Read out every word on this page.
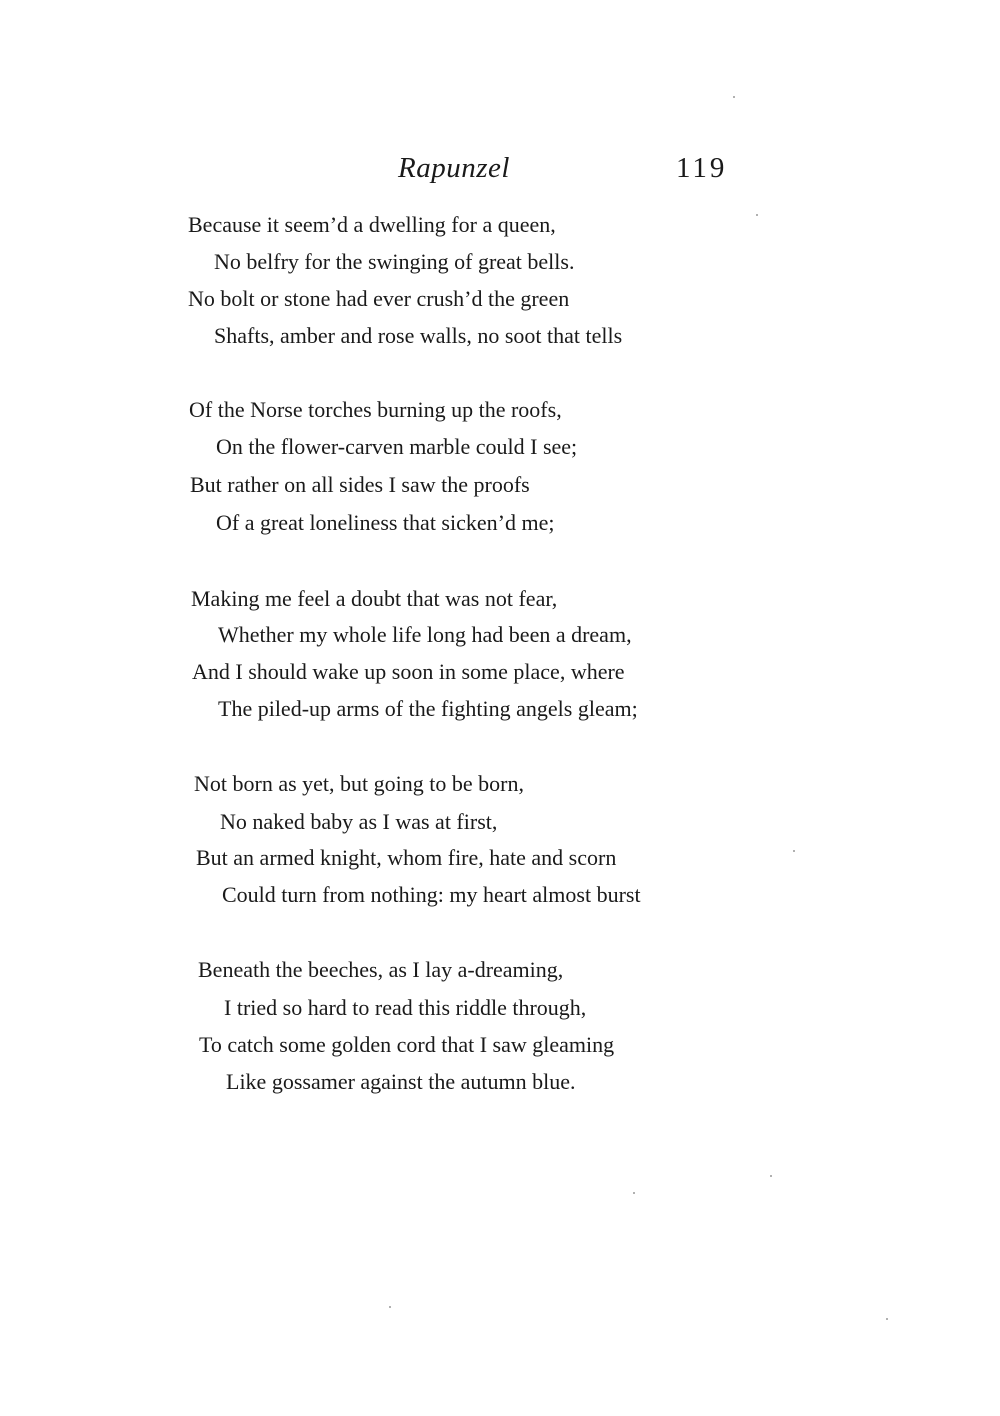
Rapunzel	119
Because it seem’d a dwelling for a queen,
No belfry for the swinging of great bells.
No bolt or stone had ever crush’d the green
Shafts, amber and rose walls, no soot that tells
Of the Norse torches burning up the roofs,
On the flower-carven marble could I see;
But rather on all sides I saw the proofs
Of a great loneliness that sicken’d me;
Making me feel a doubt that was not fear,
Whether my whole life long had been a dream,
And I should wake up soon in some place, where
The piled-up arms of the fighting angels gleam;
Not born as yet, but going to be born,
No naked baby as I was at first,
But an armed knight, whom fire, hate and scorn
Could turn from nothing: my heart almost burst
Beneath the beeches, as I lay a-dreaming,
I tried so hard to read this riddle through,
To catch some golden cord that I saw gleaming
Like gossamer against the autumn blue.
